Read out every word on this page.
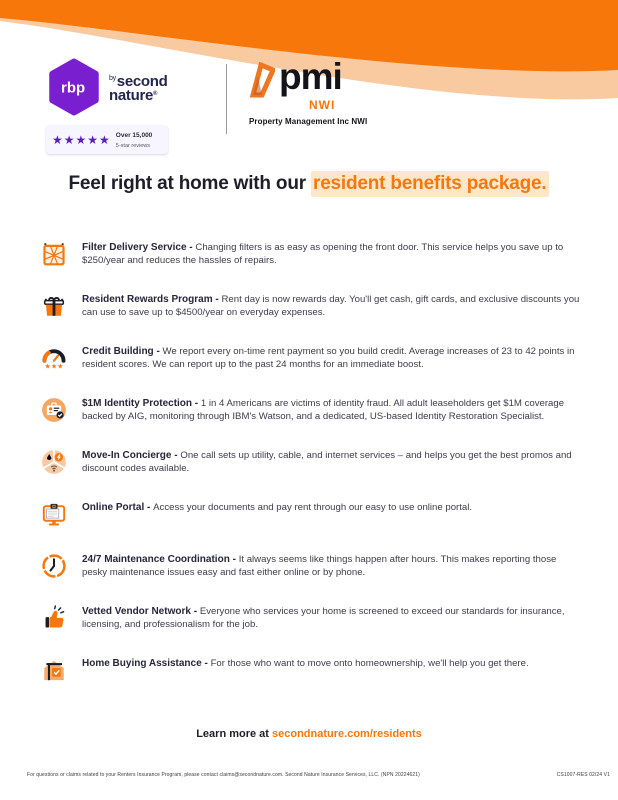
rbp
$^{by}$second
nature®
★★★★★ Over 15,000
5-star reviews
pmi
NWI
Property Management Inc NWI
Feel right at home with our resident benefits package.

Filter Delivery Service - Changing filters is as easy as opening the front door. This service helps you save up to $250/year and reduces the hassles of repairs.

Resident Rewards Program - Rent day is now rewards day. You'll get cash, gift cards, and exclusive discounts you can use to save up to $4500/year on everyday expenses.

★★★

Credit Building - We report every on-time rent payment so you build credit. Average increases of 23 to 42 points in resident scores. We can report up to the past 24 months for an immediate boost.

$1M Identity Protection - 1 in 4 Americans are victims of identity fraud. All adult leaseholders get $1M coverage backed by AIG, monitoring through IBM's Watson, and a dedicated, US-based Identity Restoration Specialist.

Move-In Concierge - One call sets up utility, cable, and internet services – and helps you get the best promos and discount codes available.

Online Portal - Access your documents and pay rent through our easy to use online portal.

24/7 Maintenance Coordination - It always seems like things happen after hours. This makes reporting those pesky maintenance issues easy and fast either online or by phone.

Vetted Vendor Network - Everyone who services your home is screened to exceed our standards for insurance, licensing, and professionalism for the job.

Home Buying Assistance - For those who want to move onto homeownership, we'll help you get there.

Learn more at secondnature.com/residents
For questions or claims related to your Renters Insurance Program, please contact claims@secondnature.com. Second Nature Insurance Services, LLC. (NPN 20224621)	CS1007-RES 02/24 V1
